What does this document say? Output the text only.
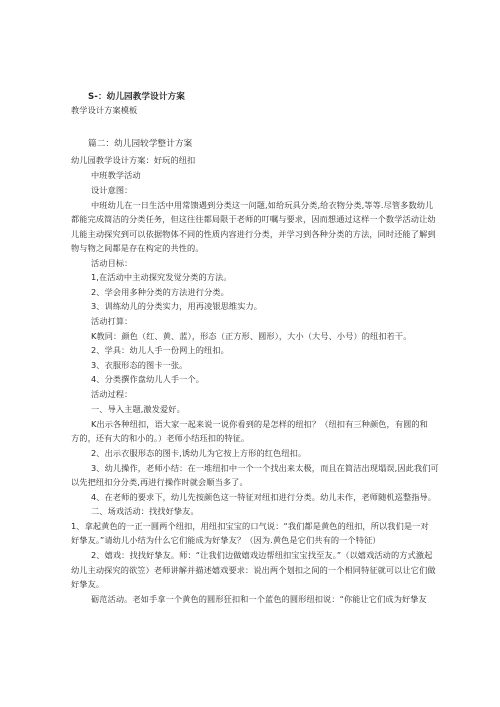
S-：幼儿园教学设计方案
教学设计方案模板
篇二：幼儿园较学整计方案
幼儿园教学设计方案：好玩的纽扣
中班教学活动
设计意图：
中班幼儿在一日生活中用常馈遇到分类这一问题,如给玩具分类,给衣物分类,等等.尽管多数幼儿
都能完成简洁的分类任务，但这往往都局限于老师的叮嘱与要求，因而想通过这样一个数学活动让幼
儿能主动探究到可以依据物体不同的性质内容进行分类，并学习到各种分类的方法，同时还能了解到
物与物之间都是存在构定的共性的。
活动目标：
1,在活动中主动探究发觉分类的方法。
2、学会用多种分类的方法进行分类。
3、训练幼儿的分类实力，用再凌银思维实力。
活动打算：
K教同：颜色（红、黄、蓝），形态（正方形、圆形），大小（大号、小号）的纽扣若干。
2、学具：幼儿人手一份网上的纽扣。
3、衣服形态的图卡一张。
4、分类撰作盘幼儿人手一个。
活动过程：
一、导入主题,激发爱好。
K出示各种纽扣，语大家一起来说一说你看到的是怎样的纽扣？（纽扣有三种颜色，有圆的和
方的，还有大的和小的。）老师小结珏扣的特征。
2、出示衣服形态的图卡,诱幼儿为它按上方形的红色纽扣。
3、幼儿操作，老师小结：在一堆纽扣中一个一个找出来太极，而且在简洁出现塌误,因此我们可
以先把纽扣分分类,再进行操作时就会顺当多了。
4、在老师的要求下，幼儿先按颜色这一特征对纽扣进行分类。幼儿未作，老师随机巡整指导。
二、场戏活动：找找好挚友。
1、拿起黄色的一正一圆两个纽扣，用纽扣宝宝的口气说：“我们都是黄色的纽扣，所以我们是一对
好挚友。”请幼儿小结为什么它们能成为好挚友？（因为.黄色是它们共有的一个特征）
2、嬉戏：找找好挚友。师：“让我们边做嬉戏边帮纽扣宝宝找至友。”（以嬉戏活动的方式激起
幼儿主动探究的欲笠）老师讲解并描述嬉戏要求：说出两个划扣之间的一个相同特征就可以让它们做
好挚友。
砺范活动。老如手拿一个黄色的圆形狂扣和一个蓝色的圆形纽扣说：“你能让它们成为好挚友
